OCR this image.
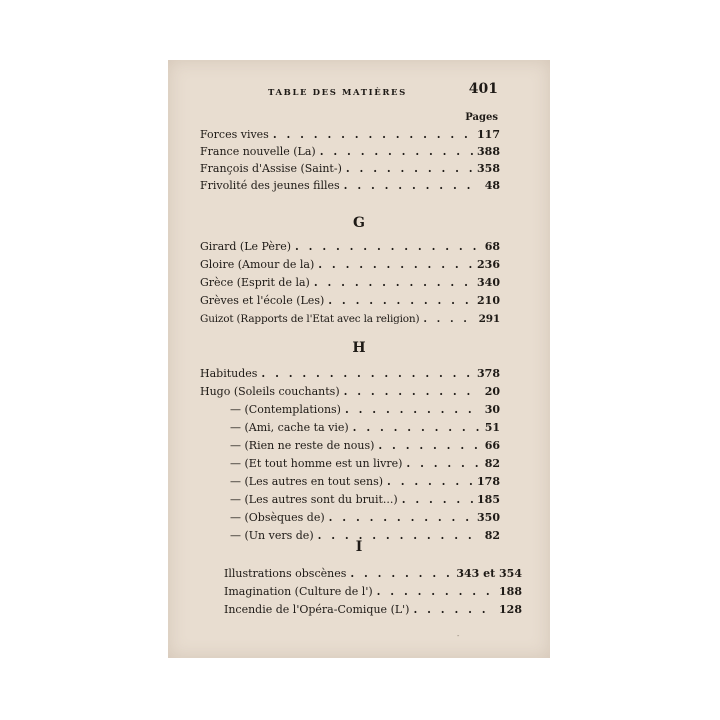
TABLE DES MATIÈRES	401
Pages
Forces vives . . .	117
France nouvelle (La) . . .	388
François d'Assise (Saint-) . . .	358
Frivolité des jeunes filles . . .	48
G
Girard (Le Père) . . .	68
Gloire (Amour de la) . . .	236
Grèce (Esprit de la) . . .	340
Grèves et l'école (Les) . . .	210
Guizot (Rapports de l'Etat avec la religion) . . .	291
H
Habitudes . . .	378
Hugo (Soleils couchants) . . .	20
— (Contemplations) . . .	30
— (Ami, cache ta vie) . . .	51
— (Rien ne reste de nous) . . .	66
— (Et tout homme est un livre) . . .	82
— (Les autres en tout sens) . . .	178
— (Les autres sont du bruit...) . . .	185
— (Obsèques de) . . .	350
— (Un vers de) . . .	82
I
Illustrations obscènes . . .	343 et 354
Imagination (Culture de l') . . .	188
Incendie de l'Opéra-Comique (L') . . .	128
-
